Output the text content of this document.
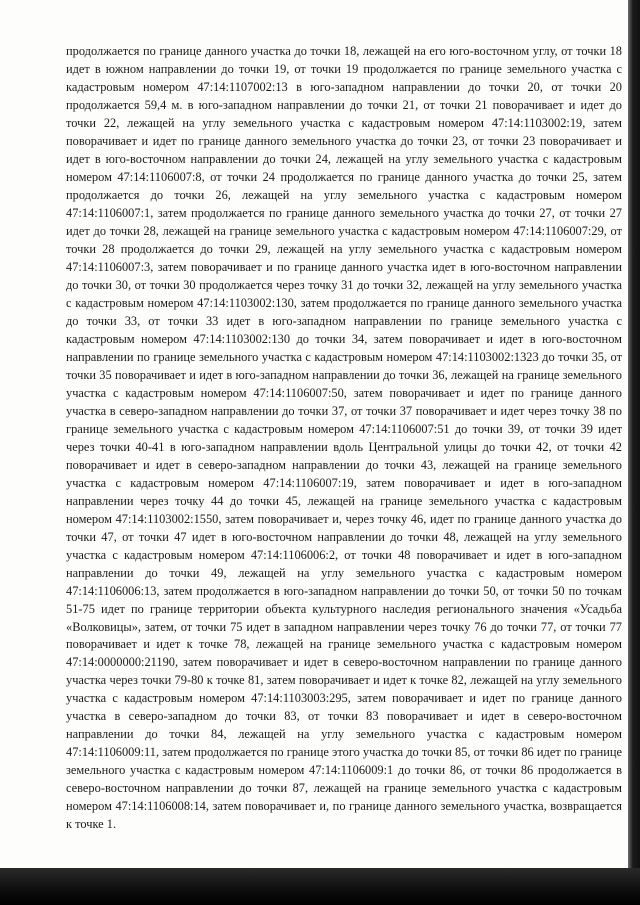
продолжается по границе данного участка до точки 18, лежащей на его юго-восточном углу, от точки 18 идет в южном направлении до точки 19, от точки 19 продолжается по границе земельного участка с кадастровым номером 47:14:1107002:13 в юго-западном направлении до точки 20, от точки 20 продолжается 59,4 м. в юго-западном направлении до точки 21, от точки 21 поворачивает и идет до точки 22, лежащей на углу земельного участка с кадастровым номером 47:14:1103002:19, затем поворачивает и идет по границе данного земельного участка до точки 23, от точки 23 поворачивает и идет в юго-восточном направлении до точки 24, лежащей на углу земельного участка с кадастровым номером 47:14:1106007:8, от точки 24 продолжается по границе данного участка до точки 25, затем продолжается до точки 26, лежащей на углу земельного участка с кадастровым номером 47:14:1106007:1, затем продолжается по границе данного земельного участка до точки 27, от точки 27 идет до точки 28, лежащей на границе земельного участка с кадастровым номером 47:14:1106007:29, от точки 28 продолжается до точки 29, лежащей на углу земельного участка с кадастровым номером 47:14:1106007:3, затем поворачивает и по границе данного участка идет в юго-восточном направлении до точки 30, от точки 30 продолжается через точку 31 до точки 32, лежащей на углу земельного участка с кадастровым номером 47:14:1103002:130, затем продолжается по границе данного земельного участка до точки 33, от точки 33 идет в юго-западном направлении по границе земельного участка с кадастровым номером 47:14:1103002:130 до точки 34, затем поворачивает и идет в юго-восточном направлении по границе земельного участка с кадастровым номером 47:14:1103002:1323 до точки 35, от точки 35 поворачивает и идет в юго-западном направлении до точки 36, лежащей на границе земельного участка с кадастровым номером 47:14:1106007:50, затем поворачивает и идет по границе данного участка в северо-западном направлении до точки 37, от точки 37 поворачивает и идет через точку 38 по границе земельного участка с кадастровым номером 47:14:1106007:51 до точки 39, от точки 39 идет через точки 40-41 в юго-западном направлении вдоль Центральной улицы до точки 42, от точки 42 поворачивает и идет в северо-западном направлении до точки 43, лежащей на границе земельного участка с кадастровым номером 47:14:1106007:19, затем поворачивает и идет в юго-западном направлении через точку 44 до точки 45, лежащей на границе земельного участка с кадастровым номером 47:14:1103002:1550, затем поворачивает и, через точку 46, идет по границе данного участка до точки 47, от точки 47 идет в юго-восточном направлении до точки 48, лежащей на углу земельного участка с кадастровым номером 47:14:1106006:2, от точки 48 поворачивает и идет в юго-западном направлении до точки 49, лежащей на углу земельного участка с кадастровым номером 47:14:1106006:13, затем продолжается в юго-западном направлении до точки 50, от точки 50 по точкам 51-75 идет по границе территории объекта культурного наследия регионального значения «Усадьба «Волковицы», затем, от точки 75 идет в западном направлении через точку 76 до точки 77, от точки 77 поворачивает и идет к точке 78, лежащей на границе земельного участка с кадастровым номером 47:14:0000000:21190, затем поворачивает и идет в северо-восточном направлении по границе данного участка через точки 79-80 к точке 81, затем поворачивает и идет к точке 82, лежащей на углу земельного участка с кадастровым номером 47:14:1103003:295, затем поворачивает и идет по границе данного участка в северо-западном до точки 83, от точки 83 поворачивает и идет в северо-восточном направлении до точки 84, лежащей на углу земельного участка с кадастровым номером 47:14:1106009:11, затем продолжается по границе этого участка до точки 85, от точки 86 идет по границе земельного участка с кадастровым номером 47:14:1106009:1 до точки 86, от точки 86 продолжается в северо-восточном направлении до точки 87, лежащей на границе земельного участка с кадастровым номером 47:14:1106008:14, затем поворачивает и, по границе данного земельного участка, возвращается к точке 1.
